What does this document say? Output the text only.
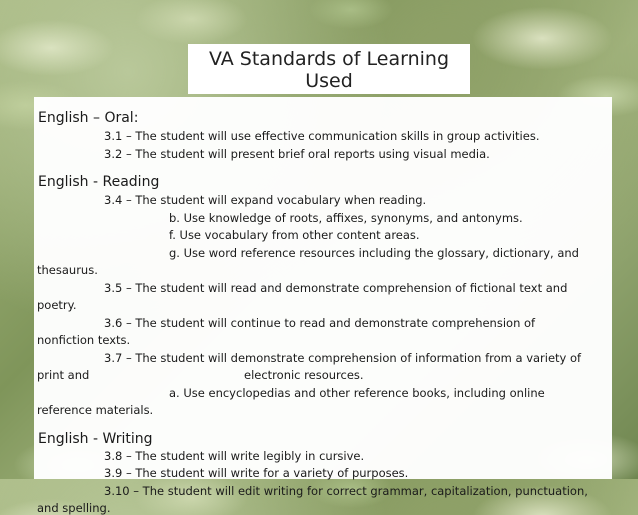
VA Standards of Learning
Used
English – Oral:
3.1 – The student will use effective communication skills in group activities.
3.2 – The student will present brief oral reports using visual media.
English - Reading
3.4 – The student will expand vocabulary when reading.
b. Use knowledge of roots, affixes, synonyms, and antonyms.
f. Use vocabulary from other content areas.
g. Use word reference resources including the glossary, dictionary, and
thesaurus.
3.5 – The student will read and demonstrate comprehension of fictional text and
poetry.
3.6 – The student will continue to read and demonstrate comprehension of
nonfiction texts.
3.7 – The student will demonstrate comprehension of information from a variety of
print and	electronic resources.
a. Use encyclopedias and other reference books, including online
reference materials.
English - Writing
3.8 – The student will write legibly in cursive.
3.9 – The student will write for a variety of purposes.
3.10 – The student will edit writing for correct grammar, capitalization, punctuation,
and spelling.
